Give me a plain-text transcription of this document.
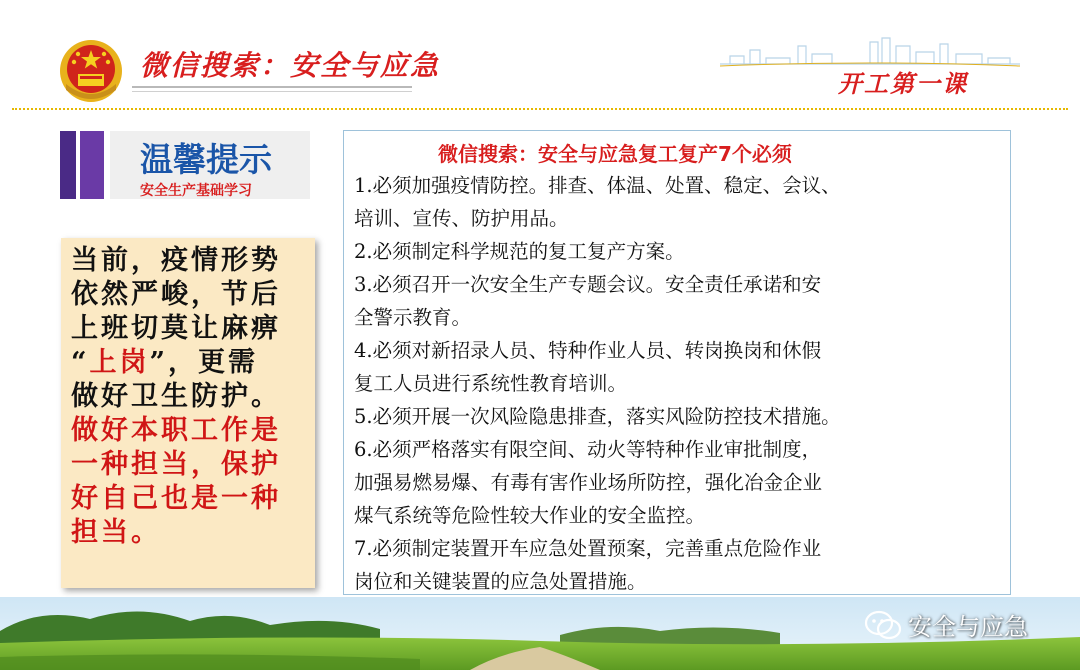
微信搜索：安全与应急
开工第一课
温馨提示
安全生产基础学习
当前，疫情形势
依然严峻，节后
上班切莫让麻痹
“上岗”，更需
做好卫生防护。
做好本职工作是
一种担当，保护
好自己也是一种
担当。
微信搜索：安全与应急复工复产7个必须
1.必须加强疫情防控。排查、体温、处置、稳定、会议、
培训、宣传、防护用品。
2.必须制定科学规范的复工复产方案。
3.必须召开一次安全生产专题会议。安全责任承诺和安
全警示教育。
4.必须对新招录人员、特种作业人员、转岗换岗和休假
复工人员进行系统性教育培训。
5.必须开展一次风险隐患排查，落实风险防控技术措施。
6.必须严格落实有限空间、动火等特种作业审批制度，
加强易燃易爆、有毒有害作业场所防控，强化冶金企业
煤气系统等危险性较大作业的安全监控。
7.必须制定装置开车应急处置预案，完善重点危险作业
岗位和关键装置的应急处置措施。
安全与应急
